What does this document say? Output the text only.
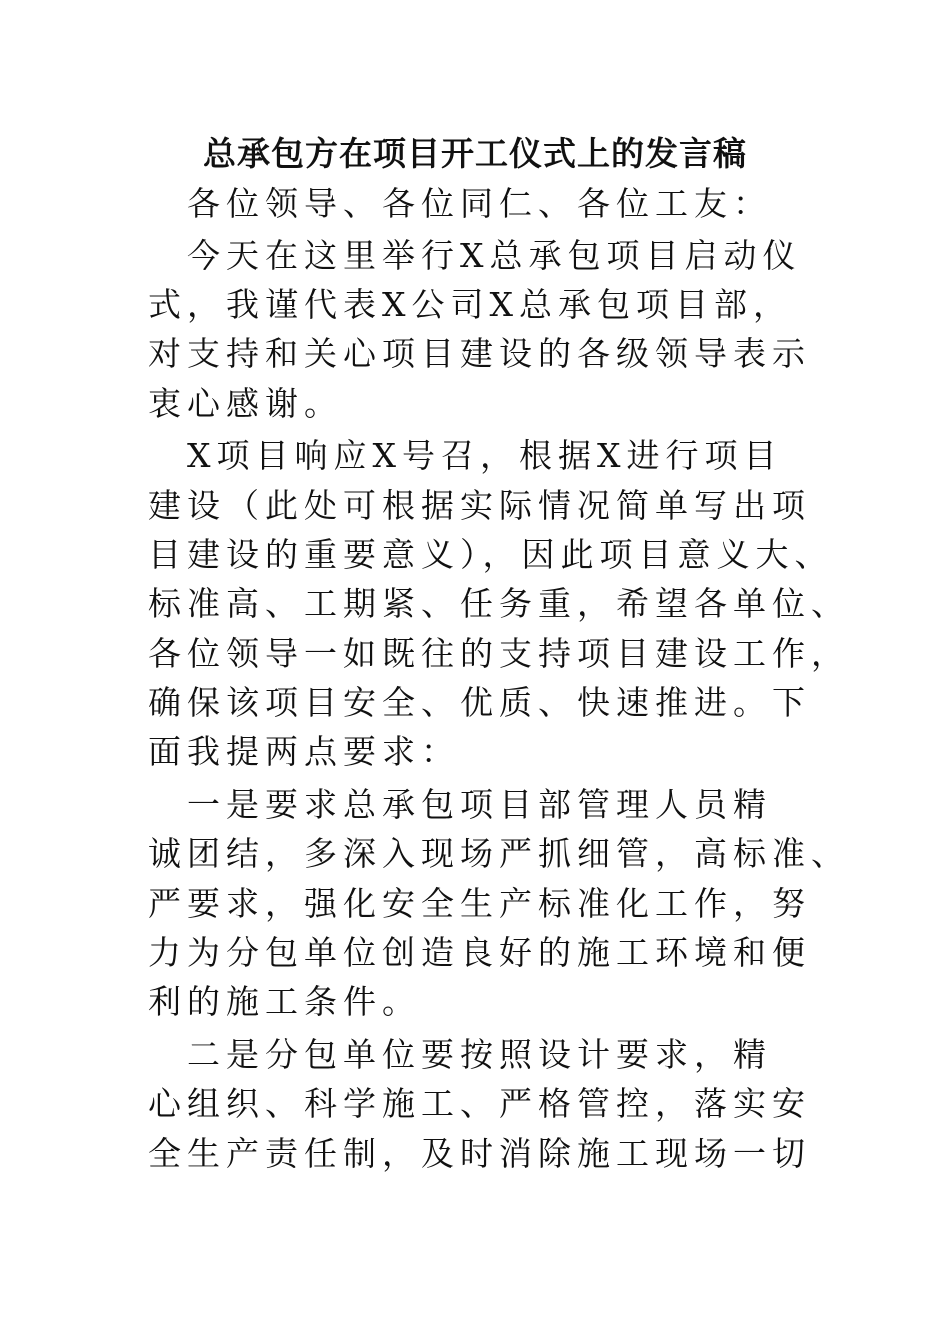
总承包方在项目开工仪式上的发言稿

　各位领导、各位同仁、各位工友：

　今天在这里举行X总承包项目启动仪

式，我谨代表X公司X总承包项目部，

对支持和关心项目建设的各级领导表示

衷心感谢。

　X项目响应X号召，根据X进行项目

建设（此处可根据实际情况简单写出项

目建设的重要意义），因此项目意义大、

标准高、工期紧、任务重，希望各单位、

各位领导一如既往的支持项目建设工作，

确保该项目安全、优质、快速推进。下

面我提两点要求：

　一是要求总承包项目部管理人员精

诚团结，多深入现场严抓细管，高标准、

严要求，强化安全生产标准化工作，努

力为分包单位创造良好的施工环境和便

利的施工条件。

　二是分包单位要按照设计要求，精

心组织、科学施工、严格管控，落实安

全生产责任制，及时消除施工现场一切
